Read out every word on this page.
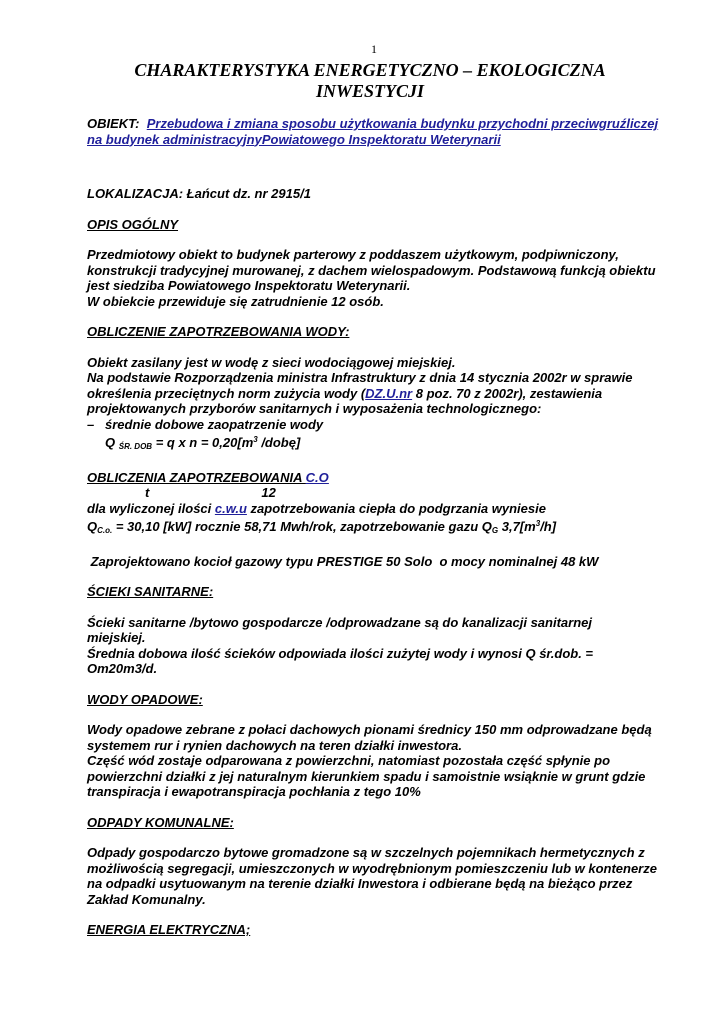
1
CHARAKTERYSTYKA ENERGETYCZNO – EKOLOGICZNA
INWESTYCJI

OBIEKT: Przebudowa i zmiana sposobu użytkowania budynku przychodni przeciwgruźliczej

na budynek administracyjnyPowiatowego Inspektoratu Weterynarii

LOKALIZACJA: Łańcut dz. nr 2915/1

OPIS OGÓLNY

Przedmiotowy obiekt to budynek parterowy z poddaszem użytkowym, podpiwniczony,

konstrukcji tradycyjnej murowanej, z dachem wielospadowym. Podstawową funkcją obiektu

jest siedziba Powiatowego Inspektoratu Weterynarii.

W obiekcie przewiduje się zatrudnienie 12 osób.

OBLICZENIE ZAPOTRZEBOWANIA WODY:

Obiekt zasilany jest w wodę z sieci wodociągowej miejskiej.

Na podstawie Rozporządzenia ministra Infrastruktury z dnia 14 stycznia 2002r w sprawie

określenia przeciętnych norm zużycia wody (DZ.U.nr 8 poz. 70 z 2002r), zestawienia

projektowanych przyborów sanitarnych i wyposażenia technologicznego:

– średnie dobowe zaopatrzenie wody

Q $_{ŚR. DOB}$ = q x $n = 0,20[m^3$ /dobę]

OBLICZENIA ZAPOTRZEBOWANIA C.O

t	12

dla wyliczonej ilości c.w.u zapotrzebowania ciepła do podgrzania wyniesie

$Q_{C.o.} = 30,10$ [kW] rocznie 58,71 Mwh/rok, zapotrzebowanie gazu $Q_G$ $3,7[m^3/h]$

Zaprojektowano kocioł gazowy typu PRESTIGE 50 Solo  o mocy nominalnej 48 kW

ŚCIEKI SANITARNE:

Ścieki sanitarne /bytowo gospodarcze /odprowadzane są do kanalizacji sanitarnej

miejskiej.

Średnia dobowa ilość ścieków odpowiada ilości zużytej wody i wynosi Q śr.dob. =

Om20m3/d.

WODY OPADOWE:

Wody opadowe zebrane z połaci dachowych pionami średnicy 150 mm odprowadzane będą

systemem rur i rynien dachowych na teren działki inwestora.

Część wód zostaje odparowana z powierzchni, natomiast pozostała część spłynie po

powierzchni działki z jej naturalnym kierunkiem spadu i samoistnie wsiąknie w grunt gdzie

transpiracja i ewapotranspiracja pochłania z tego 10%

ODPADY KOMUNALNE:

Odpady gospodarczo bytowe gromadzone są w szczelnych pojemnikach hermetycznych z

możliwością segregacji, umieszczonych w wyodrębnionym pomieszczeniu lub w kontenerze

na odpadki usytuowanym na terenie działki Inwestora i odbierane będą na bieżąco przez

Zakład Komunalny.

ENERGIA ELEKTRYCZNA;
